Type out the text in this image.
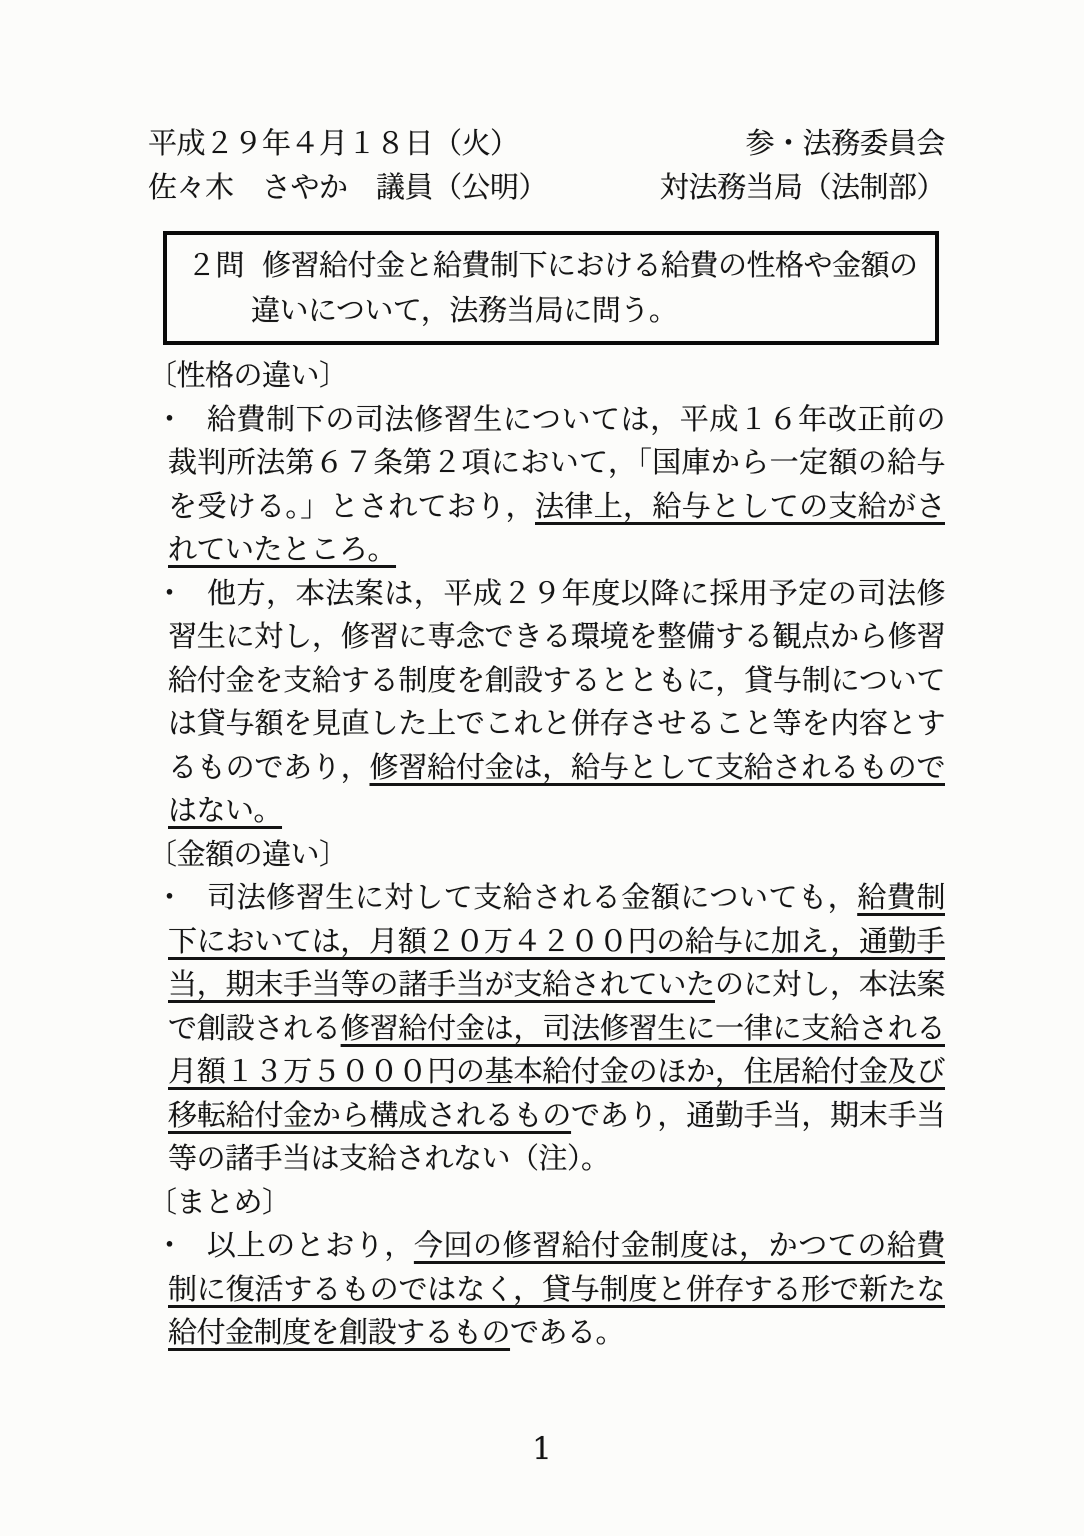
平成２９年４月１８日（火）	参・法務委員会
佐々木　さやか　議員（公明）	対法務当局（法制部）

２問 修習給付金と給費制下における給費の性格や金額の違いについて，法務当局に問う。

〔性格の違い〕

・ 給費制下の司法修習生については，平成１６年改正前の裁判所法第６７条第２項において，「国庫から一定額の給与を受ける。」とされており，法律上，給与としての支給がされていたところ。

・ 他方，本法案は，平成２９年度以降に採用予定の司法修習生に対し，修習に専念できる環境を整備する観点から修習給付金を支給する制度を創設するとともに，貸与制については貸与額を見直した上でこれと併存させること等を内容とするものであり，修習給付金は，給与として支給されるものではない。

〔金額の違い〕

・ 司法修習生に対して支給される金額についても，給費制下においては，月額２０万４２００円の給与に加え，通勤手当，期末手当等の諸手当が支給されていたのに対し，本法案で創設される修習給付金は，司法修習生に一律に支給される月額１３万５０００円の基本給付金のほか，住居給付金及び移転給付金から構成されるものであり，通勤手当，期末手当等の諸手当は支給されない（注）。

〔まとめ〕

・ 以上のとおり，今回の修習給付金制度は，かつての給費制に復活するものではなく，貸与制度と併存する形で新たな給付金制度を創設するものである。

1
